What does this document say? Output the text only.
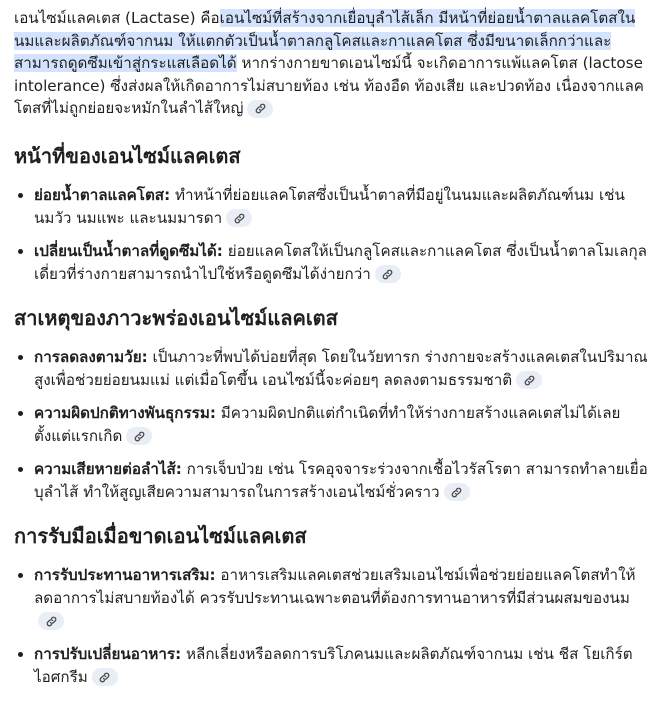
เอนไซม์แลคเตส (Lactase) คือเอนไซม์ที่สร้างจากเยื่อบุลำไส้เล็ก มีหน้าที่ย่อยน้ำตาลแลคโตสในนมและผลิตภัณฑ์จากนม ให้แตกตัวเป็นน้ำตาลกลูโคสและกาแลคโตส ซึ่งมีขนาดเล็กกว่าและสามารถดูดซึมเข้าสู่กระแสเลือดได้ หากร่างกายขาดเอนไซม์นี้ จะเกิดอาการแพ้แลคโตส (lactose intolerance) ซึ่งส่งผลให้เกิดอาการไม่สบายท้อง เช่น ท้องอืด ท้องเสีย และปวดท้อง เนื่องจากแลคโตสที่ไม่ถูกย่อยจะหมักในลำไส้ใหญ่

หน้าที่ของเอนไซม์แลคเตส
• ย่อยน้ำตาลแลคโตส: ทำหน้าที่ย่อยแลคโตสซึ่งเป็นน้ำตาลที่มีอยู่ในนมและผลิตภัณฑ์นม เช่น นมวัว นมแพะ และนมมารดา
• เปลี่ยนเป็นน้ำตาลที่ดูดซึมได้: ย่อยแลคโตสให้เป็นกลูโคสและกาแลคโตส ซึ่งเป็นน้ำตาลโมเลกุลเดี่ยวที่ร่างกายสามารถนำไปใช้หรือดูดซึมได้ง่ายกว่า
สาเหตุของภาวะพร่องเอนไซม์แลคเตส
• การลดลงตามวัย: เป็นภาวะที่พบได้บ่อยที่สุด โดยในวัยทารก ร่างกายจะสร้างแลคเตสในปริมาณสูงเพื่อช่วยย่อยนมแม่ แต่เมื่อโตขึ้น เอนไซม์นี้จะค่อยๆ ลดลงตามธรรมชาติ
• ความผิดปกติทางพันธุกรรม: มีความผิดปกติแต่กำเนิดที่ทำให้ร่างกายสร้างแลคเตสไม่ได้เลยตั้งแต่แรกเกิด
• ความเสียหายต่อลำไส้: การเจ็บป่วย เช่น โรคอุจจาระร่วงจากเชื้อไวรัสโรตา สามารถทำลายเยื่อบุลำไส้ ทำให้สูญเสียความสามารถในการสร้างเอนไซม์ชั่วคราว
การรับมือเมื่อขาดเอนไซม์แลคเตส
• การรับประทานอาหารเสริม: อาหารเสริมแลคเตสช่วยเสริมเอนไซม์เพื่อช่วยย่อยแลคโตสทำให้ลดอาการไม่สบายท้องได้ ควรรับประทานเฉพาะตอนที่ต้องการทานอาหารที่มีส่วนผสมของนม
• การปรับเปลี่ยนอาหาร: หลีกเลี่ยงหรือลดการบริโภคนมและผลิตภัณฑ์จากนม เช่น ชีส โยเกิร์ตไอศกรีม
